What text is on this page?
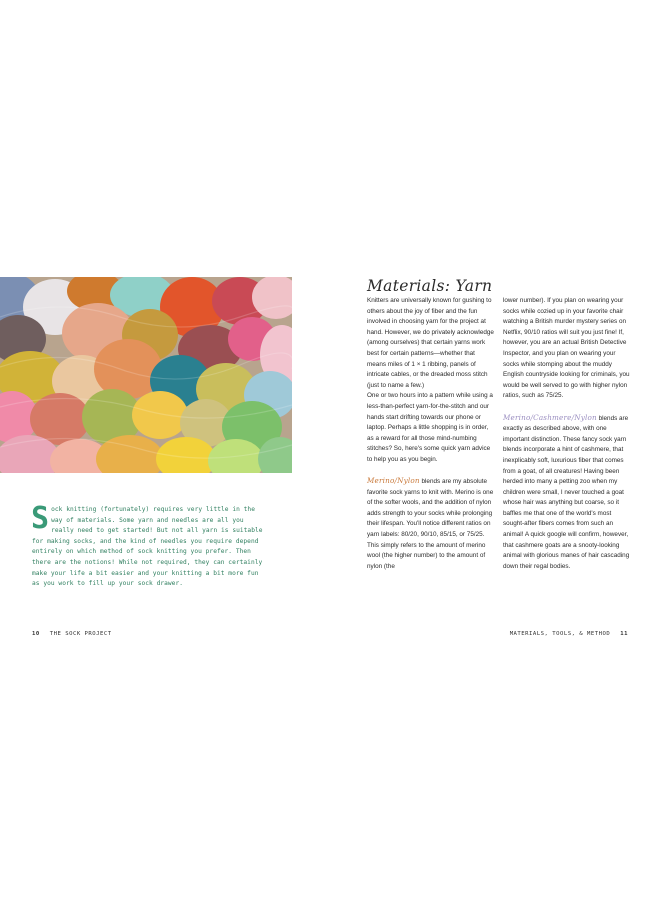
Sock knitting (fortunately) requires very little in the way of materials. Some yarn and needles are all you really need to get started! But not all yarn is suitable for making socks, and the kind of needles you require depend entirely on which method of sock knitting you prefer. Then there are the notions! While not required, they can certainly make your life a bit easier and your knitting a bit more fun as you work to fill up your sock drawer.
10 THE SOCK PROJECT	MATERIALS, TOOLS, & METHOD 11
Materials: Yarn

Knitters are universally known for gushing to others about the joy of fiber and the fun involved in choosing yarn for the project at hand. However, we do privately acknowledge (among ourselves) that certain yarns work best for certain patterns—whether that means miles of 1 × 1 ribbing, panels of intricate cables, or the dreaded moss stitch (just to name a few.)

One or two hours into a pattern while using a less-than-perfect yarn-for-the-stitch and our hands start drifting towards our phone or laptop. Perhaps a little shopping is in order, as a reward for all those mind-numbing stitches? So, here's some quick yarn advice to help you as you begin.

Merino/Nylon blends are my absolute favorite sock yarns to knit with. Merino is one of the softer wools, and the addition of nylon adds strength to your socks while prolonging their lifespan. You'll notice different ratios on yarn labels: 80/20, 90/10, 85/15, or 75/25. This simply refers to the amount of merino wool (the higher number) to the amount of nylon (the

lower number). If you plan on wearing your socks while cozied up in your favorite chair watching a British murder mystery series on Netflix, 90/10 ratios will suit you just fine! If, however, you are an actual British Detective Inspector, and you plan on wearing your socks while stomping about the muddy English countryside looking for criminals, you would be well served to go with higher nylon ratios, such as 75/25.

Merino/Cashmere/Nylon blends are exactly as described above, with one important distinction. These fancy sock yarn blends incorporate a hint of cashmere, that inexplicably soft, luxurious fiber that comes from a goat, of all creatures! Having been herded into many a petting zoo when my children were small, I never touched a goat whose hair was anything but coarse, so it baffles me that one of the world's most sought-after fibers comes from such an animal! A quick google will confirm, however, that cashmere goats are a snooty-looking animal with glorious manes of hair cascading down their regal bodies.
